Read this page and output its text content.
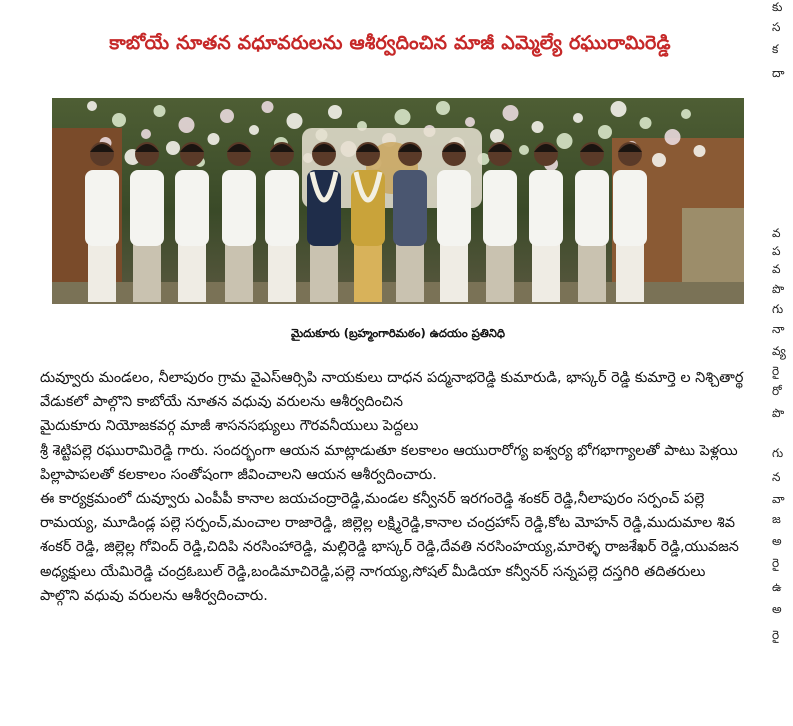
కాబోయే నూతన వధూవరులను ఆశీర్వదించిన మాజీ ఎమ్మెల్యే రఘురామిరెడ్డి
మైదుకూరు (బ్రహ్మంగారిమఠం) ఉదయం ప్రతినిధి

దువ్వూరు మండలం, నీలాపురం గ్రామ వైఎస్ఆర్సిపి నాయకులు దాధన పద్మనాభరెడ్డి కుమారుడి, భాస్కర్ రెడ్డి కుమార్తె ల నిశ్చితార్థ వేడుకలో పాల్గొని కాబోయే నూతన వధువు వరులను ఆశీర్వదించిన

మైదుకూరు నియోజకవర్గ మాజీ శాసనసభ్యులు గౌరవనీయులు పెద్దలు

శ్రీ శెట్టిపల్లె రఘురామిరెడ్డి గారు. సందర్భంగా ఆయన మాట్లాడుతూ కలకాలం ఆయురారోగ్య ఐశ్వర్య భోగభాగ్యాలతో పాటు పెళ్లయి పిల్లాపాపలతో కలకాలం సంతోషంగా జీవించాలని ఆయన ఆశీర్వదించారు.

ఈ కార్యక్రమంలో దువ్వూరు ఎంపీపీ కానాల జయచంద్రారెడ్డి,మండల కన్వీనర్ ఇరగంరెడ్డి శంకర్ రెడ్డి,నీలాపురం సర్పంచ్ పల్లె రామయ్య, మూడిండ్ల పల్లె సర్పంచ్,మంచాల రాజారెడ్డి, జిల్లెల్ల లక్ష్మిరెడ్డి,కానాల చంద్రహాస్ రెడ్డి,కోట మోహన్ రెడ్డి,ముదుమాల శివ శంకర్ రెడ్డి, జిల్లెల్ల గోవింద్ రెడ్డి,చిదిపి నరసింహారెడ్డి, మల్లిరెడ్డి భాస్కర్ రెడ్డి,దేవతి నరసింహయ్య,మారెళ్ళ రాజశేఖర్ రెడ్డి,యువజన అధ్యక్షులు యేమిరెడ్డి చంద్రఓబుల్ రెడ్డి,బండిమాచిరెడ్డి,పల్లె నాగయ్య,సోషల్ మీడియా కన్వీనర్ సన్నపల్లె దస్తగిరి తదితరులు పాల్గొని వధువు వరులను ఆశీర్వదించారు.

కు
స
క
దా
వ
ప
వ
పొ
గు
నా
వ్య
రై
రో
పొ
గు
న
వా
జ
అ
రై
ఉ
అ
రై
